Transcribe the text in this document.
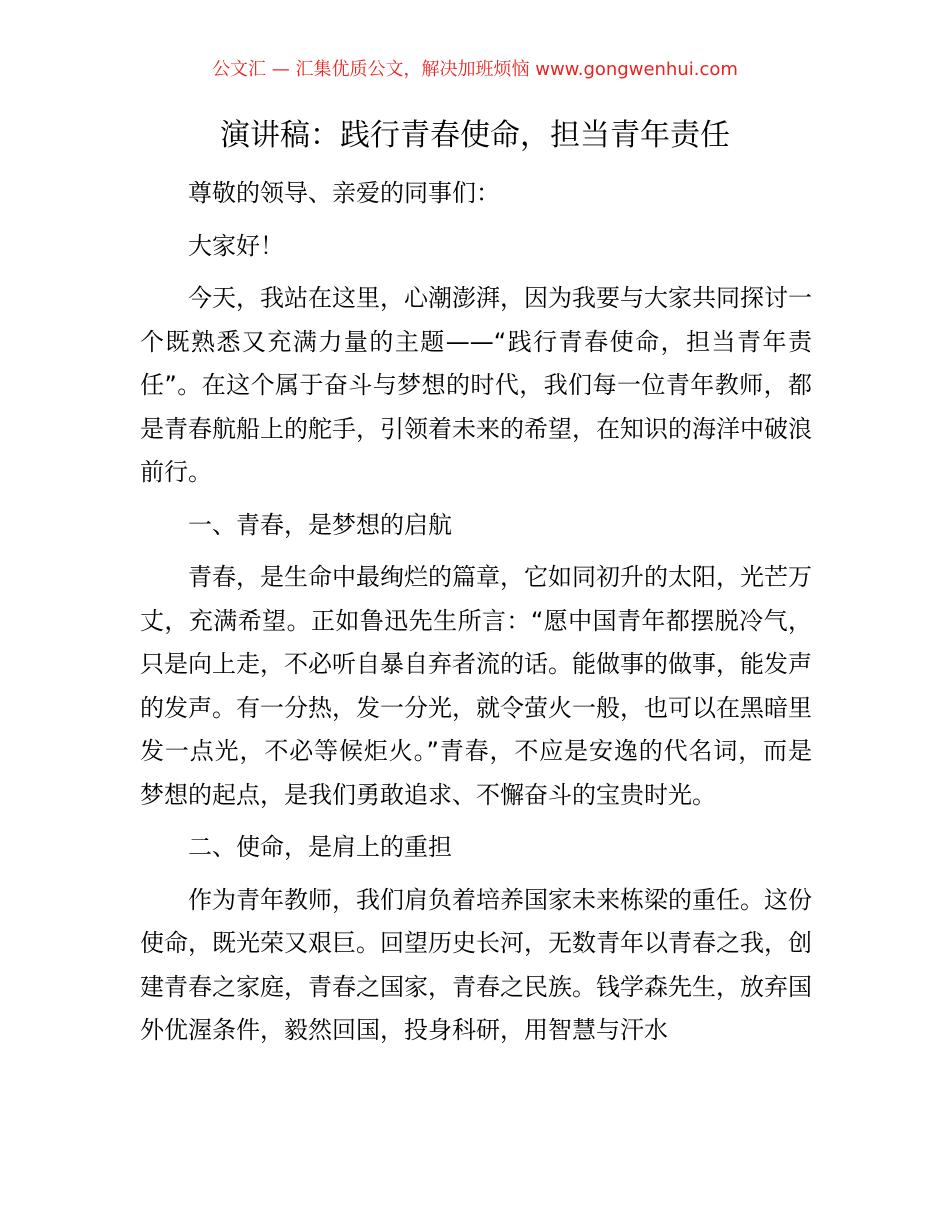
公文汇 — 汇集优质公文，解决加班烦恼 www.gongwenhui.com
演讲稿：践行青春使命，担当青年责任

尊敬的领导、亲爱的同事们：

大家好！

今天，我站在这里，心潮澎湃，因为我要与大家共同探讨一个既熟悉又充满力量的主题——“践行青春使命，担当青年责任”。在这个属于奋斗与梦想的时代，我们每一位青年教师，都是青春航船上的舵手，引领着未来的希望，在知识的海洋中破浪前行。

一、青春，是梦想的启航

青春，是生命中最绚烂的篇章，它如同初升的太阳，光芒万丈，充满希望。正如鲁迅先生所言：“愿中国青年都摆脱冷气，只是向上走，不必听自暴自弃者流的话。能做事的做事，能发声的发声。有一分热，发一分光，就令萤火一般，也可以在黑暗里发一点光，不必等候炬火。”青春，不应是安逸的代名词，而是梦想的起点，是我们勇敢追求、不懈奋斗的宝贵时光。

二、使命，是肩上的重担

作为青年教师，我们肩负着培养国家未来栋梁的重任。这份使命，既光荣又艰巨。回望历史长河，无数青年以青春之我，创建青春之家庭，青春之国家，青春之民族。钱学森先生，放弃国外优渥条件，毅然回国，投身科研，用智慧与汗水
